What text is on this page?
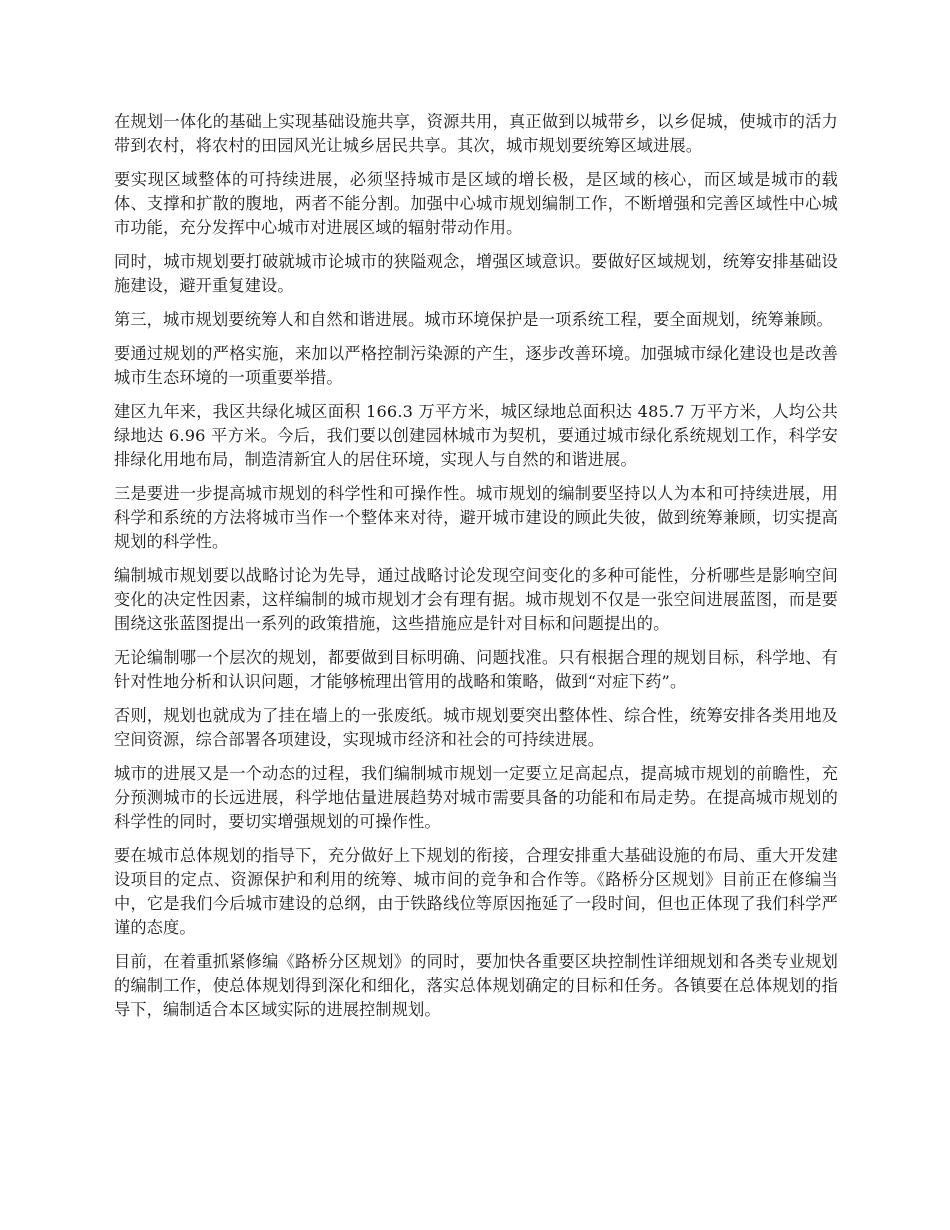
在规划一体化的基础上实现基础设施共享，资源共用，真正做到以城带乡，以乡促城，使城市的活力带到农村，将农村的田园风光让城乡居民共享。其次，城市规划要统筹区域进展。

要实现区域整体的可持续进展，必须坚持城市是区域的增长极，是区域的核心，而区域是城市的载体、支撑和扩散的腹地，两者不能分割。加强中心城市规划编制工作，不断增强和完善区域性中心城市功能，充分发挥中心城市对进展区域的辐射带动作用。

同时，城市规划要打破就城市论城市的狭隘观念，增强区域意识。要做好区域规划，统筹安排基础设施建设，避开重复建设。

第三，城市规划要统筹人和自然和谐进展。城市环境保护是一项系统工程，要全面规划，统筹兼顾。

要通过规划的严格实施，来加以严格控制污染源的产生，逐步改善环境。加强城市绿化建设也是改善城市生态环境的一项重要举措。

建区九年来，我区共绿化城区面积 166.3 万平方米，城区绿地总面积达 485.7 万平方米，人均公共绿地达 6.96 平方米。今后，我们要以创建园林城市为契机，要通过城市绿化系统规划工作，科学安排绿化用地布局，制造清新宜人的居住环境，实现人与自然的和谐进展。

三是要进一步提高城市规划的科学性和可操作性。城市规划的编制要坚持以人为本和可持续进展，用科学和系统的方法将城市当作一个整体来对待，避开城市建设的顾此失彼，做到统筹兼顾，切实提高规划的科学性。

编制城市规划要以战略讨论为先导，通过战略讨论发现空间变化的多种可能性，分析哪些是影响空间变化的决定性因素，这样编制的城市规划才会有理有据。城市规划不仅是一张空间进展蓝图，而是要围绕这张蓝图提出一系列的政策措施，这些措施应是针对目标和问题提出的。

无论编制哪一个层次的规划，都要做到目标明确、问题找准。只有根据合理的规划目标，科学地、有针对性地分析和认识问题，才能够梳理出管用的战略和策略，做到“对症下药”。

否则，规划也就成为了挂在墙上的一张废纸。城市规划要突出整体性、综合性，统筹安排各类用地及空间资源，综合部署各项建设，实现城市经济和社会的可持续进展。

城市的进展又是一个动态的过程，我们编制城市规划一定要立足高起点，提高城市规划的前瞻性，充分预测城市的长远进展，科学地估量进展趋势对城市需要具备的功能和布局走势。在提高城市规划的科学性的同时，要切实增强规划的可操作性。

要在城市总体规划的指导下，充分做好上下规划的衔接，合理安排重大基础设施的布局、重大开发建设项目的定点、资源保护和利用的统筹、城市间的竞争和合作等。《路桥分区规划》目前正在修编当中，它是我们今后城市建设的总纲，由于铁路线位等原因拖延了一段时间，但也正体现了我们科学严谨的态度。

目前，在着重抓紧修编《路桥分区规划》的同时，要加快各重要区块控制性详细规划和各类专业规划的编制工作，使总体规划得到深化和细化，落实总体规划确定的目标和任务。各镇要在总体规划的指导下，编制适合本区域实际的进展控制规划。
